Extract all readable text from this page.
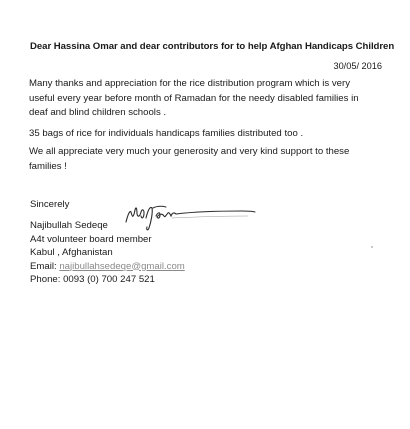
Dear Hassina Omar and dear contributors for to help Afghan Handicaps Children
30/05/ 2016
Many thanks and appreciation for the rice distribution program which is very
useful every year before month of Ramadan for the needy disabled families in
deaf and blind children schools .
35 bags of rice for individuals handicaps families distributed too .
We all appreciate very much your generosity and very kind support to these
families !
Sincerely
Najibullah Sedeqe
A4t volunteer board member
Kabul , Afghanistan
Email: najibullahsedeqe@gmail.com
Phone: 0093 (0) 700 247 521
